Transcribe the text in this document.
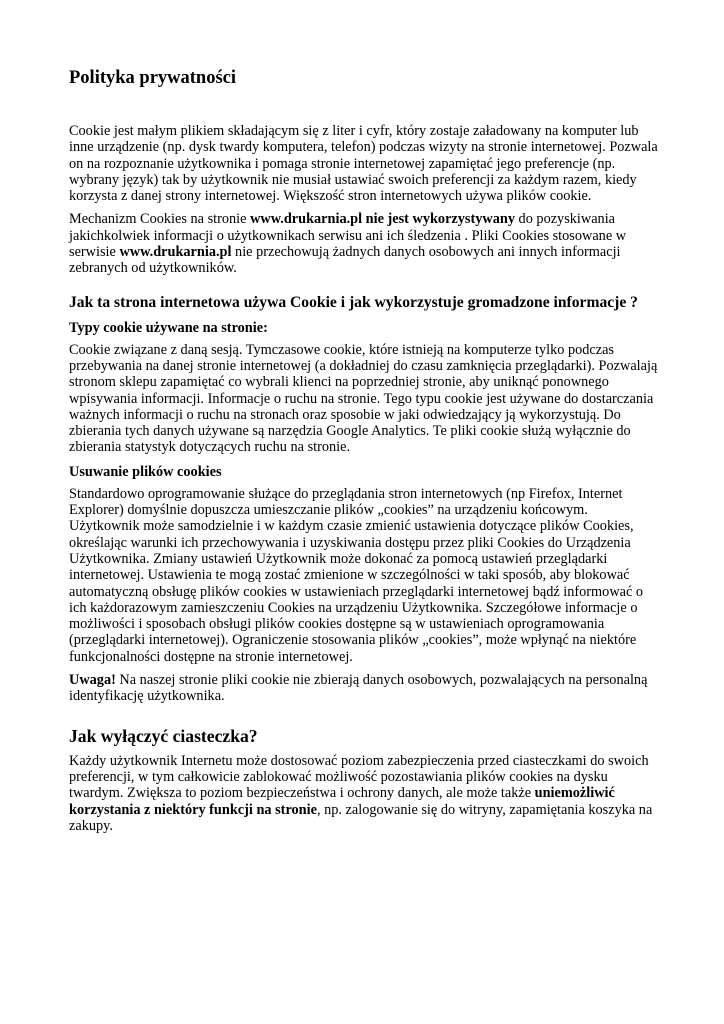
Polityka prywatności

Cookie jest małym plikiem składającym się z liter i cyfr, który zostaje załadowany na komputer lub inne urządzenie (np. dysk twardy komputera, telefon) podczas wizyty na stronie internetowej. Pozwala on na rozpoznanie użytkownika i pomaga stronie internetowej zapamiętać jego preferencje (np. wybrany język) tak by użytkownik nie musiał ustawiać swoich preferencji za każdym razem, kiedy korzysta z danej strony internetowej. Większość stron internetowych używa plików cookie.

Mechanizm Cookies na stronie www.drukarnia.pl nie jest wykorzystywany do pozyskiwania jakichkolwiek informacji o użytkownikach serwisu ani ich śledzenia . Pliki Cookies stosowane w serwisie www.drukarnia.pl nie przechowują żadnych danych osobowych ani innych informacji zebranych od użytkowników.

Jak ta strona internetowa używa Cookie i jak wykorzystuje gromadzone informacje ?
Typy cookie używane na stronie:

Cookie związane z daną sesją. Tymczasowe cookie, które istnieją na komputerze tylko podczas przebywania na danej stronie internetowej (a dokładniej do czasu zamknięcia przeglądarki). Pozwalają stronom sklepu zapamiętać co wybrali klienci na poprzedniej stronie, aby uniknąć ponownego wpisywania informacji. Informacje o ruchu na stronie. Tego typu cookie jest używane do dostarczania ważnych informacji o ruchu na stronach oraz sposobie w jaki odwiedzający ją wykorzystują. Do zbierania tych danych używane są narzędzia Google Analytics. Te pliki cookie służą wyłącznie do zbierania statystyk dotyczących ruchu na stronie.

Usuwanie plików cookies

Standardowo oprogramowanie służące do przeglądania stron internetowych (np Firefox, Internet Explorer) domyślnie dopuszcza umieszczanie plików „cookies” na urządzeniu końcowym. Użytkownik może samodzielnie i w każdym czasie zmienić ustawienia dotyczące plików Cookies, określając warunki ich przechowywania i uzyskiwania dostępu przez pliki Cookies do Urządzenia Użytkownika. Zmiany ustawień Użytkownik może dokonać za pomocą ustawień przeglądarki internetowej. Ustawienia te mogą zostać zmienione w szczególności w taki sposób, aby blokować automatyczną obsługę plików cookies w ustawieniach przeglądarki internetowej bądź informować o ich każdorazowym zamieszczeniu Cookies na urządzeniu Użytkownika. Szczegółowe informacje o możliwości i sposobach obsługi plików cookies dostępne są w ustawieniach oprogramowania (przeglądarki internetowej). Ograniczenie stosowania plików „cookies”, może wpłynąć na niektóre funkcjonalności dostępne na stronie internetowej.

Uwaga! Na naszej stronie pliki cookie nie zbierają danych osobowych, pozwalających na personalną identyfikację użytkownika.

Jak wyłączyć ciasteczka?

Każdy użytkownik Internetu może dostosować poziom zabezpieczenia przed ciasteczkami do swoich preferencji, w tym całkowicie zablokować możliwość pozostawiania plików cookies na dysku twardym. Zwiększa to poziom bezpieczeństwa i ochrony danych, ale może także uniemożliwić korzystania z niektóry funkcji na stronie, np. zalogowanie się do witryny, zapamiętania koszyka na zakupy.
